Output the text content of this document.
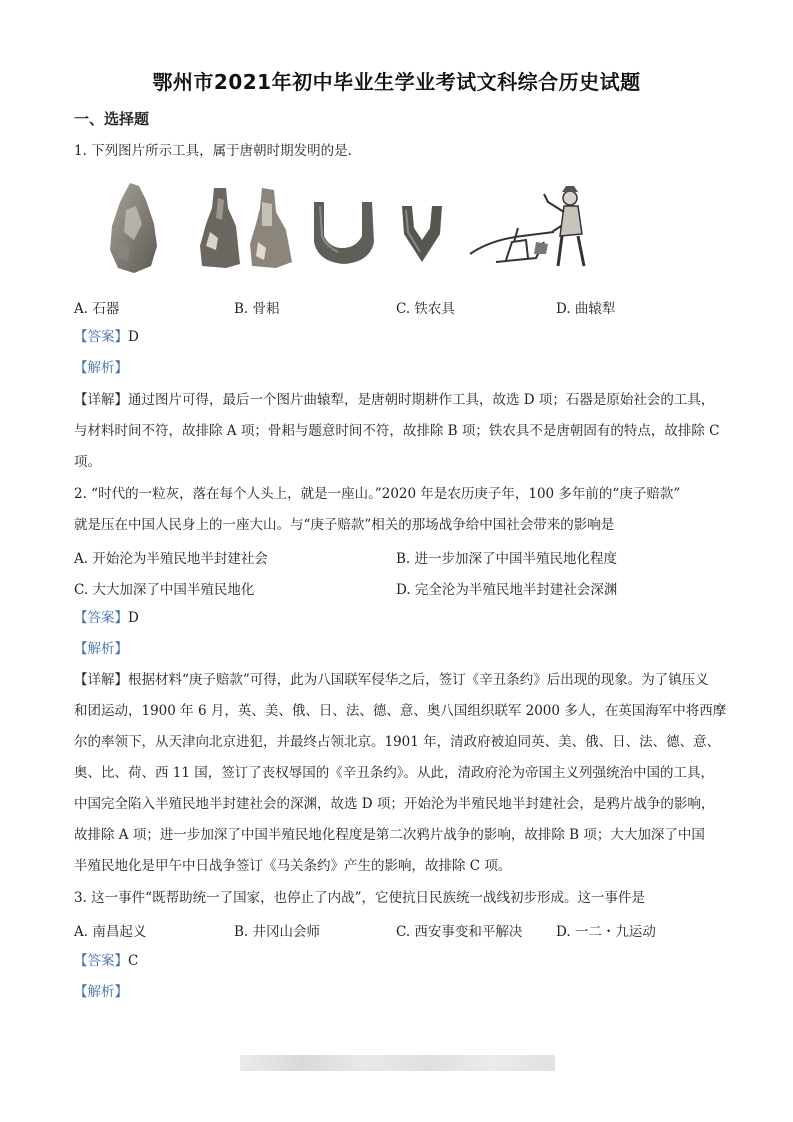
鄂州市2021年初中毕业生学业考试文科综合历史试题
一、选择题
1. 下列图片所示工具，属于唐朝时期发明的是.
A. 石器	B. 骨耜	C. 铁农具	D. 曲辕犁
【答案】D
【解析】
【详解】通过图片可得，最后一个图片曲辕犁，是唐朝时期耕作工具，故选 D 项；石器是原始社会的工具，
与材料时间不符，故排除 A 项；骨耜与题意时间不符，故排除 B 项；铁农具不是唐朝固有的特点，故排除 C
项。
2. “时代的一粒灰，落在每个人头上，就是一座山。”2020 年是农历庚子年，100 多年前的“庚子赔款”
就是压在中国人民身上的一座大山。与“庚子赔款”相关的那场战争给中国社会带来的影响是
A. 开始沦为半殖民地半封建社会	B. 进一步加深了中国半殖民地化程度
C. 大大加深了中国半殖民地化	D. 完全沦为半殖民地半封建社会深渊
【答案】D
【解析】
【详解】根据材料“庚子赔款”可得，此为八国联军侵华之后，签订《辛丑条约》后出现的现象。为了镇压义
和团运动，1900 年 6 月，英、美、俄、日、法、德、意、奥八国组织联军 2000 多人，在英国海军中将西摩
尔的率领下，从天津向北京进犯，并最终占领北京。1901 年，清政府被迫同英、美、俄、日、法、德、意、
奥、比、荷、西 11 国，签订了丧权辱国的《辛丑条约》。从此，清政府沦为帝国主义列强统治中国的工具，
中国完全陷入半殖民地半封建社会的深渊，故选 D 项；开始沦为半殖民地半封建社会，是鸦片战争的影响，
故排除 A 项；进一步加深了中国半殖民地化程度是第二次鸦片战争的影响，故排除 B 项；大大加深了中国
半殖民地化是甲午中日战争签订《马关条约》产生的影响，故排除 C 项。
3. 这一事件“既帮助统一了国家，也停止了内战”，它使抗日民族统一战线初步形成。这一事件是
A. 南昌起义	B. 井冈山会师	C. 西安事变和平解决 D. 一二・九运动
【答案】C
【解析】
